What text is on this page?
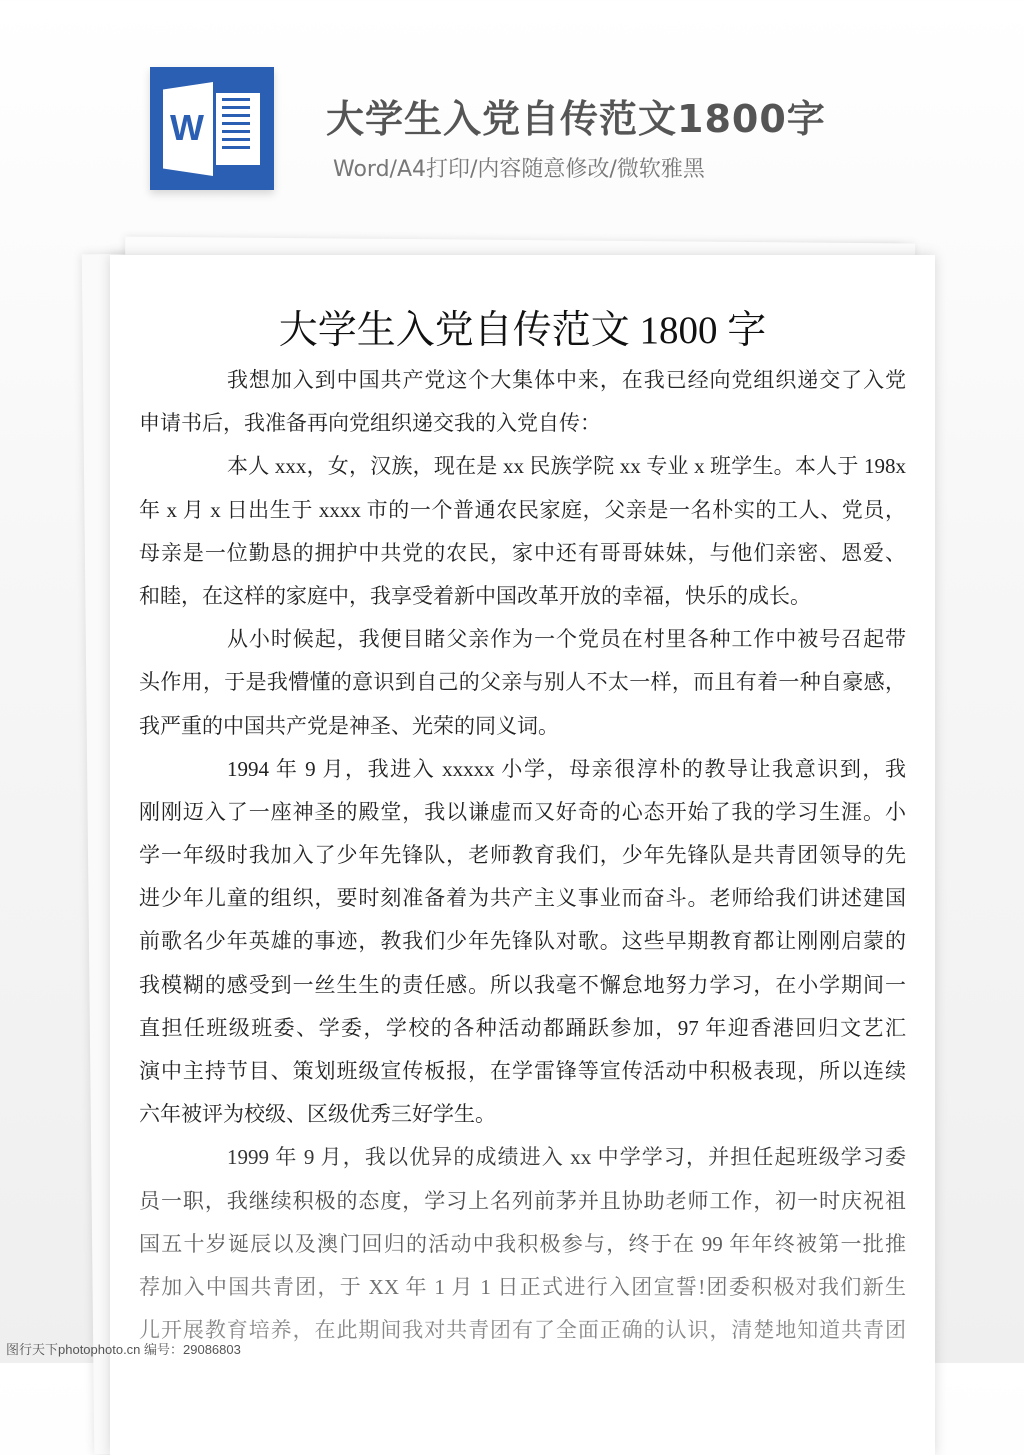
W	大学生入党自传范文1800字
Word/A4打印/内容随意修改/微软雅黑
大学生入党自传范文 1800 字
我想加入到中国共产党这个大集体中来，在我已经向党组织递交了入党
申请书后，我准备再向党组织递交我的入党自传：
本人 xxx，女，汉族，现在是 xx 民族学院 xx 专业 x 班学生。本人于 198x
年 x 月 x 日出生于 xxxx 市的一个普通农民家庭，父亲是一名朴实的工人、党员，
母亲是一位勤恳的拥护中共党的农民，家中还有哥哥妹妹，与他们亲密、恩爱、
和睦，在这样的家庭中，我享受着新中国改革开放的幸福，快乐的成长。
从小时候起，我便目睹父亲作为一个党员在村里各种工作中被号召起带
头作用，于是我懵懂的意识到自己的父亲与别人不太一样，而且有着一种自豪感，
我严重的中国共产党是神圣、光荣的同义词。
1994 年 9 月，我进入 xxxxx 小学，母亲很淳朴的教导让我意识到，我
刚刚迈入了一座神圣的殿堂，我以谦虚而又好奇的心态开始了我的学习生涯。小
学一年级时我加入了少年先锋队，老师教育我们，少年先锋队是共青团领导的先
进少年儿童的组织，要时刻准备着为共产主义事业而奋斗。老师给我们讲述建国
前歌名少年英雄的事迹，教我们少年先锋队对歌。这些早期教育都让刚刚启蒙的
我模糊的感受到一丝生生的责任感。所以我毫不懈怠地努力学习，在小学期间一
直担任班级班委、学委，学校的各种活动都踊跃参加，97 年迎香港回归文艺汇
演中主持节目、策划班级宣传板报，在学雷锋等宣传活动中积极表现，所以连续
六年被评为校级、区级优秀三好学生。
1999 年 9 月，我以优异的成绩进入 xx 中学学习，并担任起班级学习委
员一职，我继续积极的态度，学习上名列前茅并且协助老师工作，初一时庆祝祖
国五十岁诞辰以及澳门回归的活动中我积极参与，终于在 99 年年终被第一批推
荐加入中国共青团，于 XX 年 1 月 1 日正式进行入团宣誓!团委积极对我们新生
儿开展教育培养，在此期间我对共青团有了全面正确的认识，清楚地知道共青团
图行天下photophoto.cn 编号：29086803
